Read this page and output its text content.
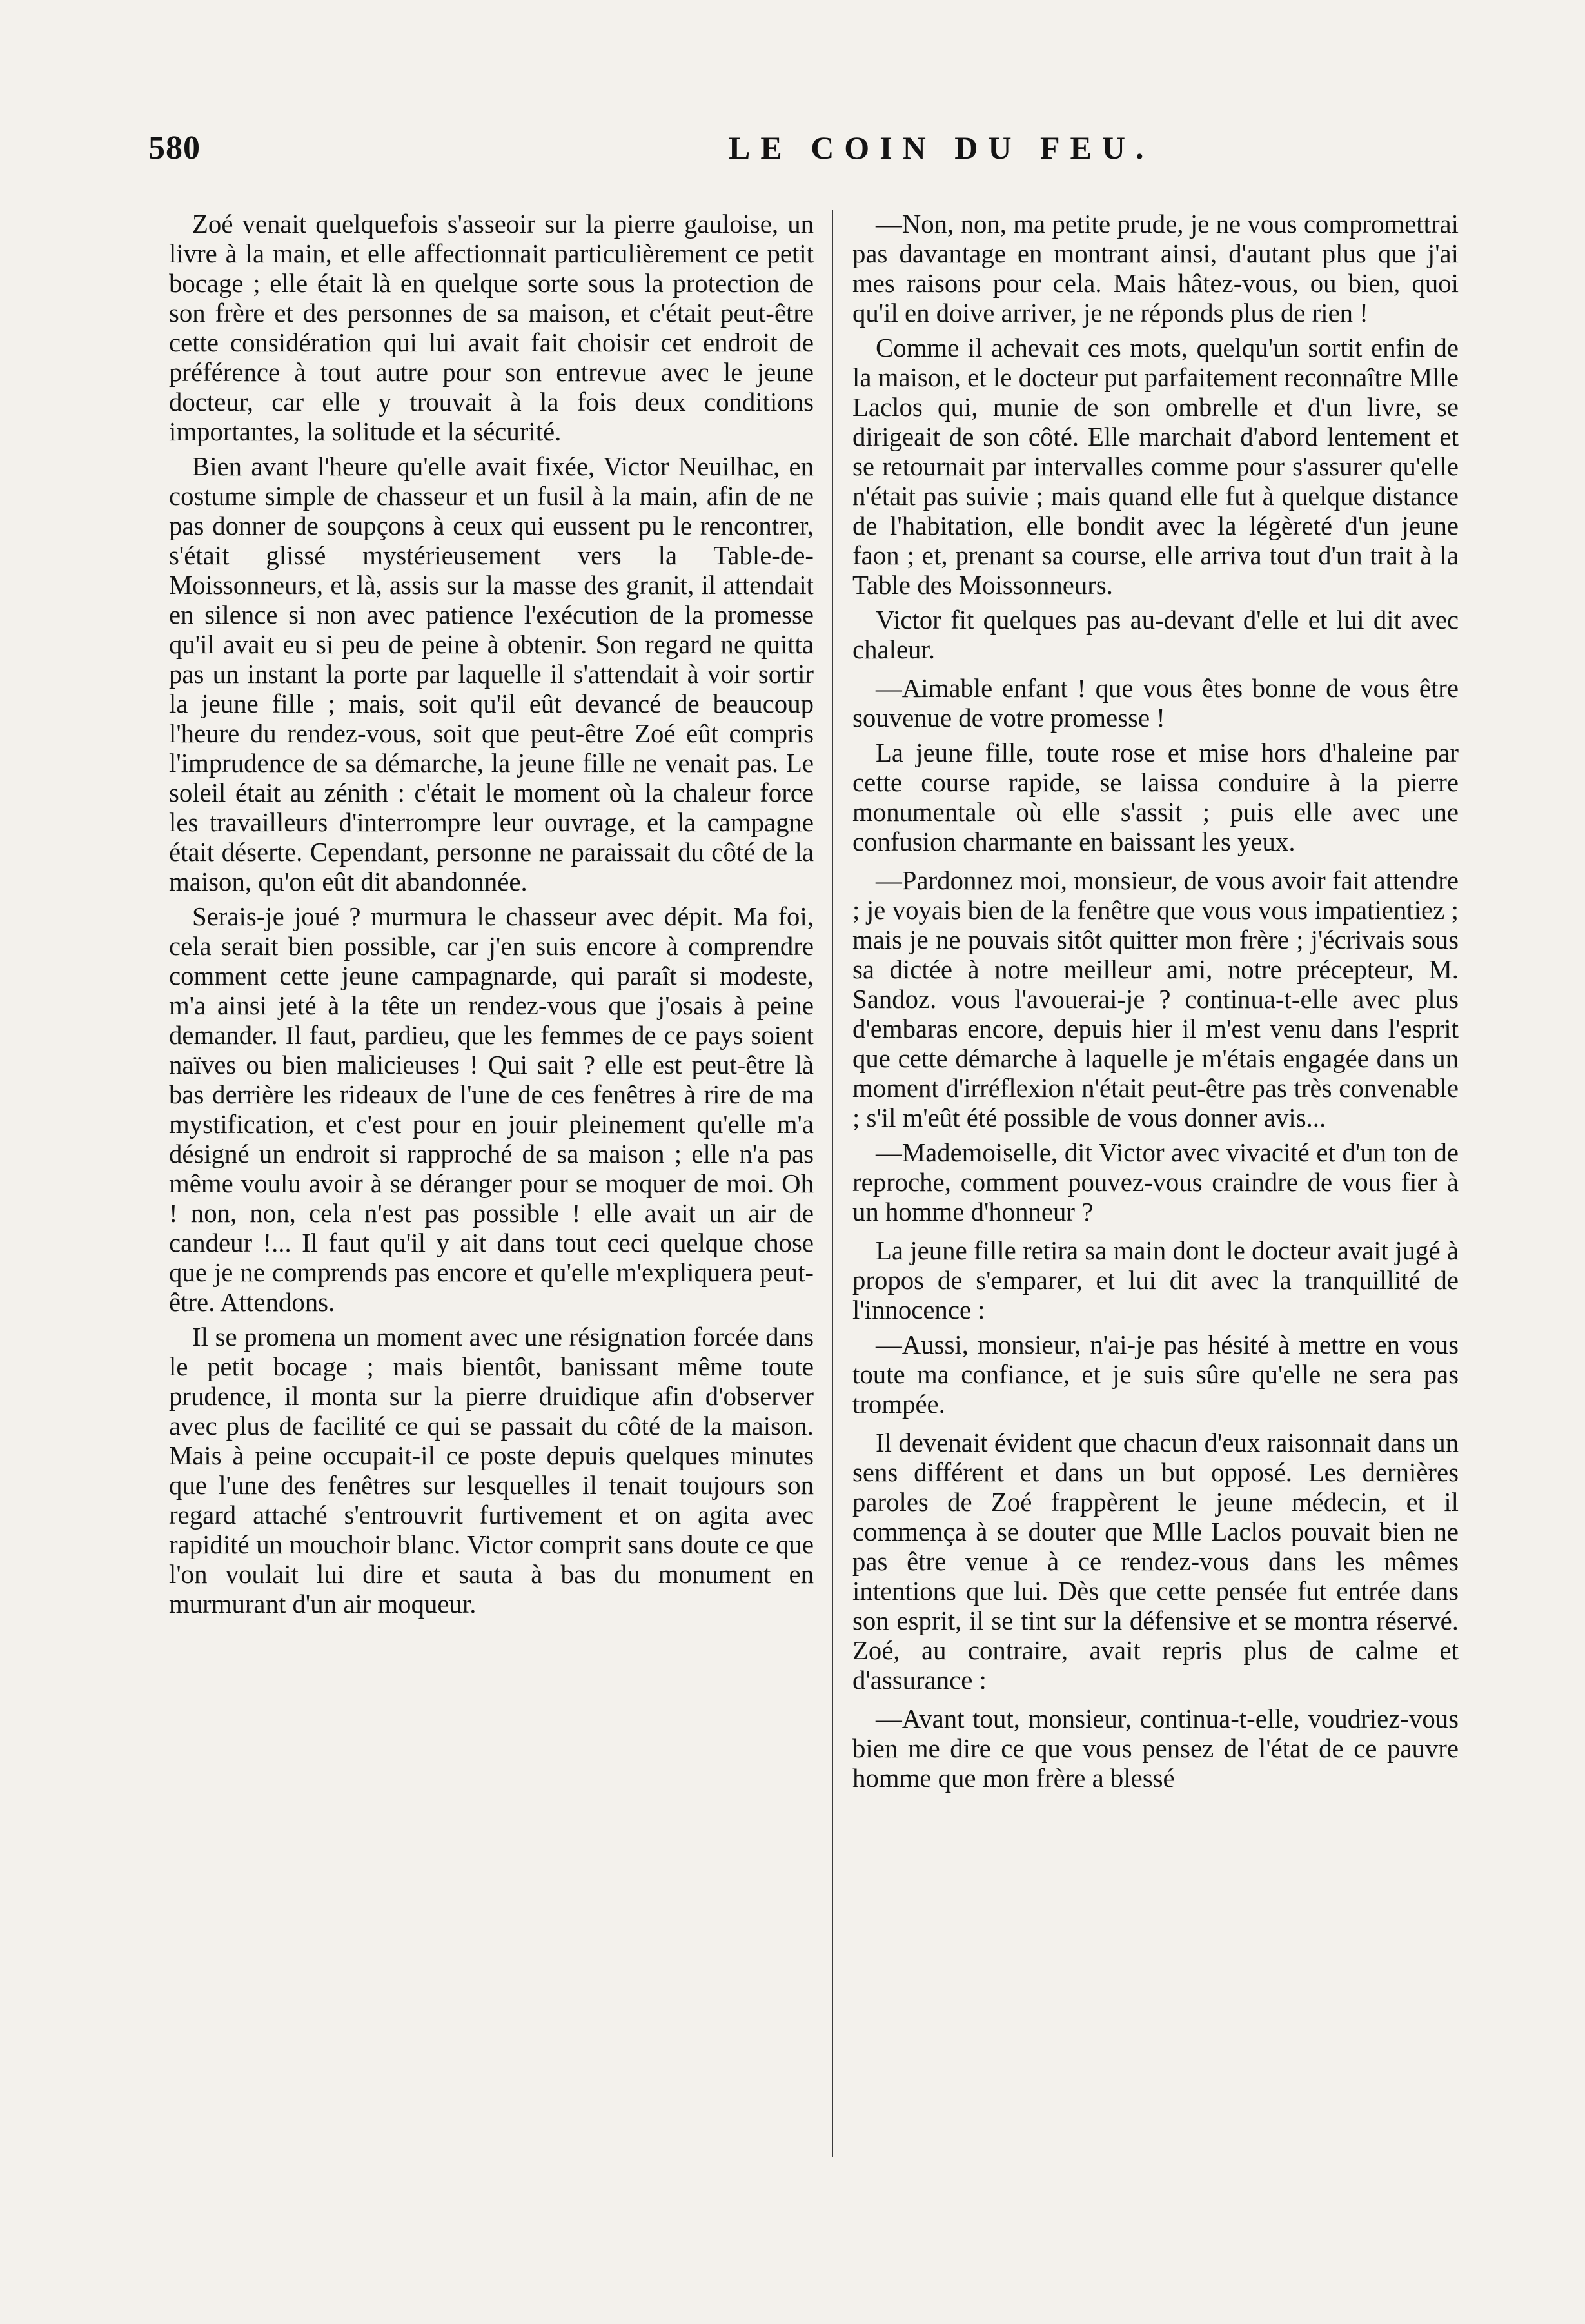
580	LE COIN DU FEU.

Zoé venait quelquefois s'asseoir sur la pierre gauloise, un livre à la main, et elle affectionnait particulièrement ce petit bocage ; elle était là en quelque sorte sous la protection de son frère et des personnes de sa maison, et c'était peut-être cette considération qui lui avait fait choisir cet endroit de préférence à tout autre pour son entrevue avec le jeune docteur, car elle y trouvait à la fois deux conditions importantes, la solitude et la sécurité.

Bien avant l'heure qu'elle avait fixée, Victor Neuilhac, en costume simple de chasseur et un fusil à la main, afin de ne pas donner de soupçons à ceux qui eussent pu le rencontrer, s'était glissé mystérieusement vers la Table-de-Moissonneurs, et là, assis sur la masse des granit, il attendait en silence si non avec patience l'exécution de la promesse qu'il avait eu si peu de peine à obtenir. Son regard ne quitta pas un instant la porte par laquelle il s'attendait à voir sortir la jeune fille ; mais, soit qu'il eût devancé de beaucoup l'heure du rendez-vous, soit que peut-être Zoé eût compris l'imprudence de sa démarche, la jeune fille ne venait pas. Le soleil était au zénith : c'était le moment où la chaleur force les travailleurs d'interrompre leur ouvrage, et la campagne était déserte. Cependant, personne ne paraissait du côté de la maison, qu'on eût dit abandonnée.

Serais-je joué ? murmura le chasseur avec dépit. Ma foi, cela serait bien possible, car j'en suis encore à comprendre comment cette jeune campagnarde, qui paraît si modeste, m'a ainsi jeté à la tête un rendez-vous que j'osais à peine demander. Il faut, pardieu, que les femmes de ce pays soient naïves ou bien malicieuses ! Qui sait ? elle est peut-être là bas derrière les rideaux de l'une de ces fenêtres à rire de ma mystification, et c'est pour en jouir pleinement qu'elle m'a désigné un endroit si rapproché de sa maison ; elle n'a pas même voulu avoir à se déranger pour se moquer de moi. Oh ! non, non, cela n'est pas possible ! elle avait un air de candeur !... Il faut qu'il y ait dans tout ceci quelque chose que je ne comprends pas encore et qu'elle m'expliquera peut-être. Attendons.

Il se promena un moment avec une résignation forcée dans le petit bocage ; mais bientôt, banissant même toute prudence, il monta sur la pierre druidique afin d'observer avec plus de facilité ce qui se passait du côté de la maison. Mais à peine occupait-il ce poste depuis quelques minutes que l'une des fenêtres sur lesquelles il tenait toujours son regard attaché s'entrouvrit furtivement et on agita avec rapidité un mouchoir blanc. Victor comprit sans doute ce que l'on voulait lui dire et sauta à bas du monument en murmurant d'un air moqueur.

—Non, non, ma petite prude, je ne vous compromettrai pas davantage en montrant ainsi, d'autant plus que j'ai mes raisons pour cela. Mais hâtez-vous, ou bien, quoi qu'il en doive arriver, je ne réponds plus de rien !

Comme il achevait ces mots, quelqu'un sortit enfin de la maison, et le docteur put parfaitement reconnaître Mlle Laclos qui, munie de son ombrelle et d'un livre, se dirigeait de son côté. Elle marchait d'abord lentement et se retournait par intervalles comme pour s'assurer qu'elle n'était pas suivie ; mais quand elle fut à quelque distance de l'habitation, elle bondit avec la légèreté d'un jeune faon ; et, prenant sa course, elle arriva tout d'un trait à la Table des Moissonneurs.

Victor fit quelques pas au-devant d'elle et lui dit avec chaleur.

—Aimable enfant ! que vous êtes bonne de vous être souvenue de votre promesse !

La jeune fille, toute rose et mise hors d'haleine par cette course rapide, se laissa conduire à la pierre monumentale où elle s'assit ; puis elle avec une confusion charmante en baissant les yeux.

—Pardonnez moi, monsieur, de vous avoir fait attendre ; je voyais bien de la fenêtre que vous vous impatientiez ; mais je ne pouvais sitôt quitter mon frère ; j'écrivais sous sa dictée à notre meilleur ami, notre précepteur, M. Sandoz. vous l'avouerai-je ? continua-t-elle avec plus d'embaras encore, depuis hier il m'est venu dans l'esprit que cette démarche à laquelle je m'étais engagée dans un moment d'irréflexion n'était peut-être pas très convenable ; s'il m'eût été possible de vous donner avis...

—Mademoiselle, dit Victor avec vivacité et d'un ton de reproche, comment pouvez-vous craindre de vous fier à un homme d'honneur ?

La jeune fille retira sa main dont le docteur avait jugé à propos de s'emparer, et lui dit avec la tranquillité de l'innocence :

—Aussi, monsieur, n'ai-je pas hésité à mettre en vous toute ma confiance, et je suis sûre qu'elle ne sera pas trompée.

Il devenait évident que chacun d'eux raisonnait dans un sens différent et dans un but opposé. Les dernières paroles de Zoé frappèrent le jeune médecin, et il commença à se douter que Mlle Laclos pouvait bien ne pas être venue à ce rendez-vous dans les mêmes intentions que lui. Dès que cette pensée fut entrée dans son esprit, il se tint sur la défensive et se montra réservé. Zoé, au contraire, avait repris plus de calme et d'assurance :

—Avant tout, monsieur, continua-t-elle, voudriez-vous bien me dire ce que vous pensez de l'état de ce pauvre homme que mon frère a blessé
